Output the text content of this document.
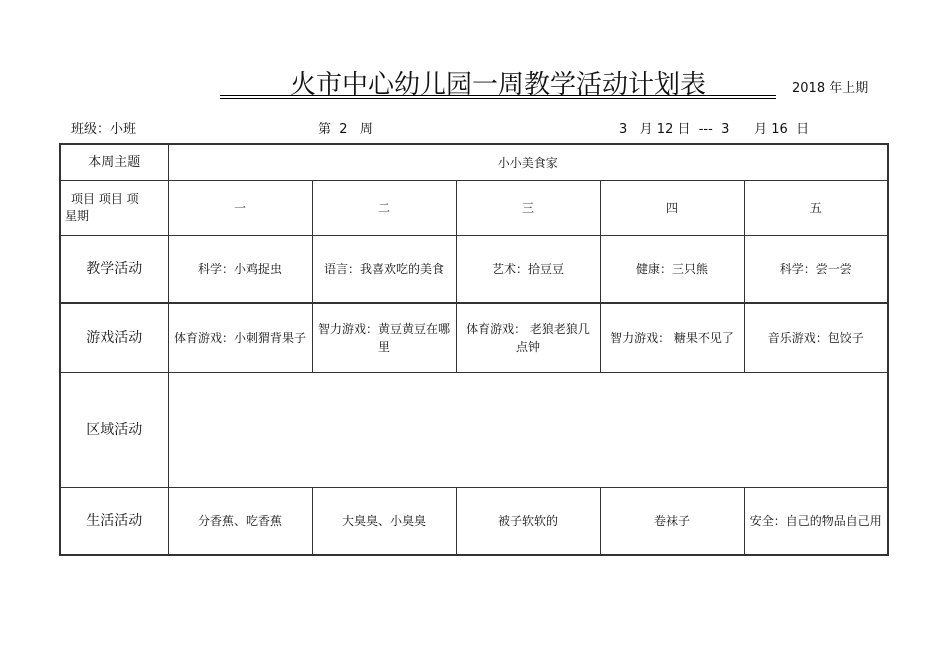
火市中心幼儿园一周教学活动计划表	2018 年上期
班级：小班	第  2   周	3   月 12 日  ---  3      月 16  日
本周主题	小小美食家				

项目 项目 项
星期	一	二	三	四	五
教学活动	科学：小鸡捉虫	语言：我喜欢吃的美食	艺术：拾豆豆	健康：三只熊	科学：尝一尝
游戏活动	体育游戏：小刺猬背果子	智力游戏：黄豆黄豆在哪里	体育游戏： 老狼老狼几点钟	智力游戏： 糖果不见了	音乐游戏：包饺子
区域活动					
生活活动	分香蕉、吃香蕉	大臭臭、小臭臭	被子软软的	卷袜子	安全：自己的物品自己用
